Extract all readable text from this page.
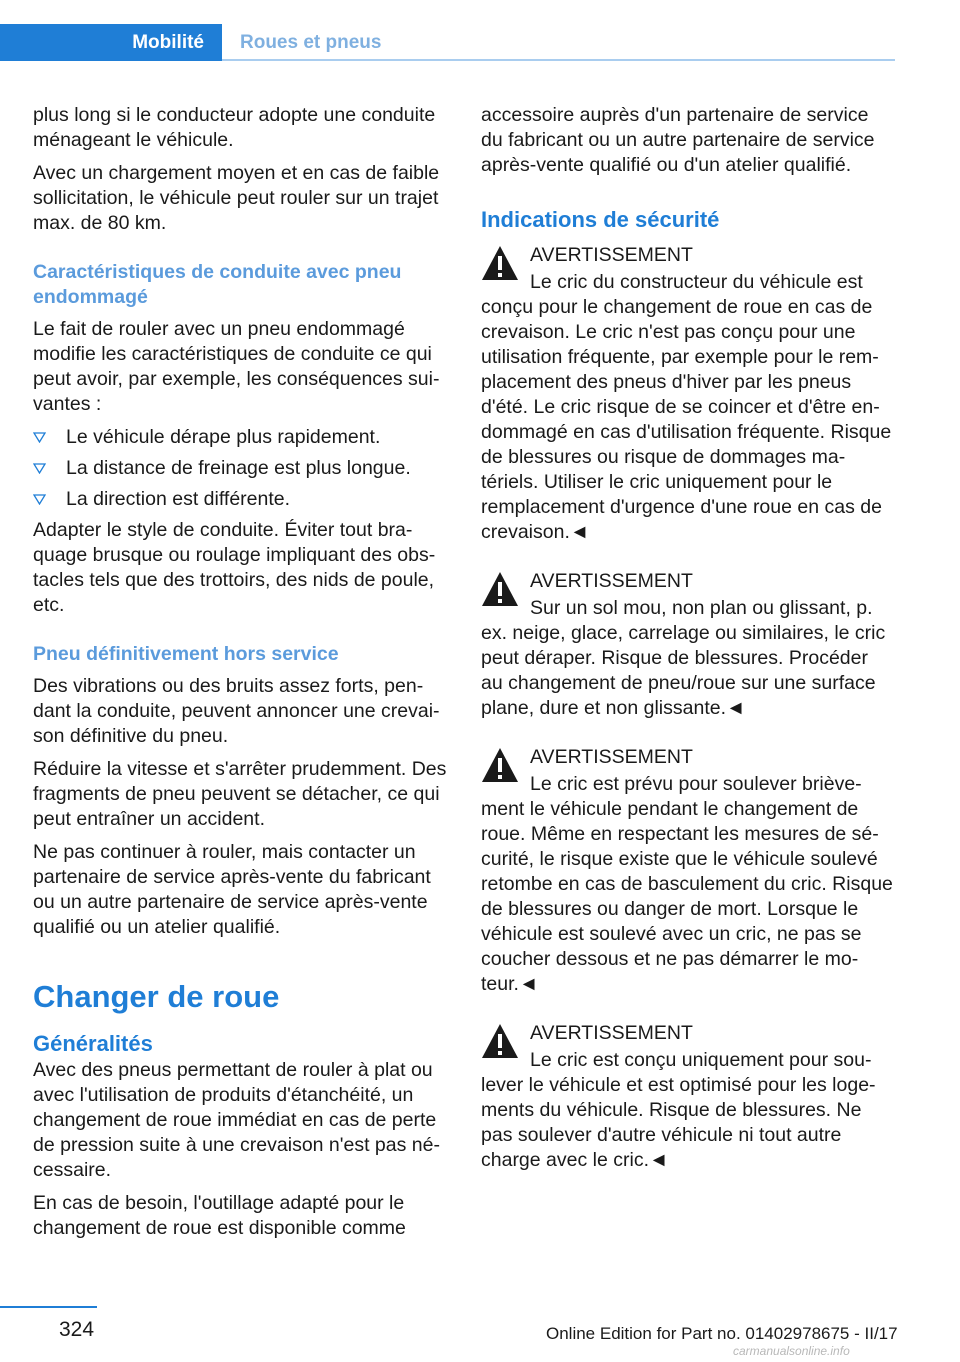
Mobilité Roues et pneus

plus long si le conducteur adopte une conduite ménageant le véhicule.

Avec un chargement moyen et en cas de faible sollicitation, le véhicule peut rouler sur un trajet max. de 80 km.

Caractéristiques de conduite avec pneu endommagé

Le fait de rouler avec un pneu endommagé modifie les caractéristiques de conduite ce qui peut avoir, par exemple, les conséquences suivantes :

Le véhicule dérape plus rapidement.
La distance de freinage est plus longue.
La direction est différente.

Adapter le style de conduite. Éviter tout braquage brusque ou roulage impliquant des obstacles tels que des trottoirs, des nids de poule, etc.

Pneu définitivement hors service

Des vibrations ou des bruits assez forts, pendant la conduite, peuvent annoncer une crevaison définitive du pneu.

Réduire la vitesse et s'arrêter prudemment. Des fragments de pneu peuvent se détacher, ce qui peut entraîner un accident.

Ne pas continuer à rouler, mais contacter un partenaire de service après-vente du fabricant ou un autre partenaire de service après-vente qualifié ou un atelier qualifié.

Changer de roue
Généralités

Avec des pneus permettant de rouler à plat ou avec l'utilisation de produits d'étanchéité, un changement de roue immédiat en cas de perte de pression suite à une crevaison n'est pas nécessaire.

En cas de besoin, l'outillage adapté pour le changement de roue est disponible comme

accessoire auprès d'un partenaire de service du fabricant ou un autre partenaire de service après-vente qualifié ou d'un atelier qualifié.

Indications de sécurité
AVERTISSEMENT
Le cric du constructeur du véhicule est conçu pour le changement de roue en cas de crevaison. Le cric n'est pas conçu pour une utilisation fréquente, par exemple pour le remplacement des pneus d'hiver par les pneus d'été. Le cric risque de se coincer et d'être endommagé en cas d'utilisation fréquente. Risque de blessures ou risque de dommages matériels. Utiliser le cric uniquement pour le remplacement d'urgence d'une roue en cas de crevaison.◄
AVERTISSEMENT
Sur un sol mou, non plan ou glissant, p. ex. neige, glace, carrelage ou similaires, le cric peut déraper. Risque de blessures. Procéder au changement de pneu/roue sur une surface plane, dure et non glissante.◄
AVERTISSEMENT
Le cric est prévu pour soulever brièvement le véhicule pendant le changement de roue. Même en respectant les mesures de sécurité, le risque existe que le véhicule soulevé retombe en cas de basculement du cric. Risque de blessures ou danger de mort. Lorsque le véhicule est soulevé avec un cric, ne pas se coucher dessous et ne pas démarrer le moteur.◄
AVERTISSEMENT
Le cric est conçu uniquement pour soulever le véhicule et est optimisé pour les logements du véhicule. Risque de blessures. Ne pas soulever d'autre véhicule ni tout autre charge avec le cric.◄
324	Online Edition for Part no. 01402978675 - II/17
carmanualsonline.info
